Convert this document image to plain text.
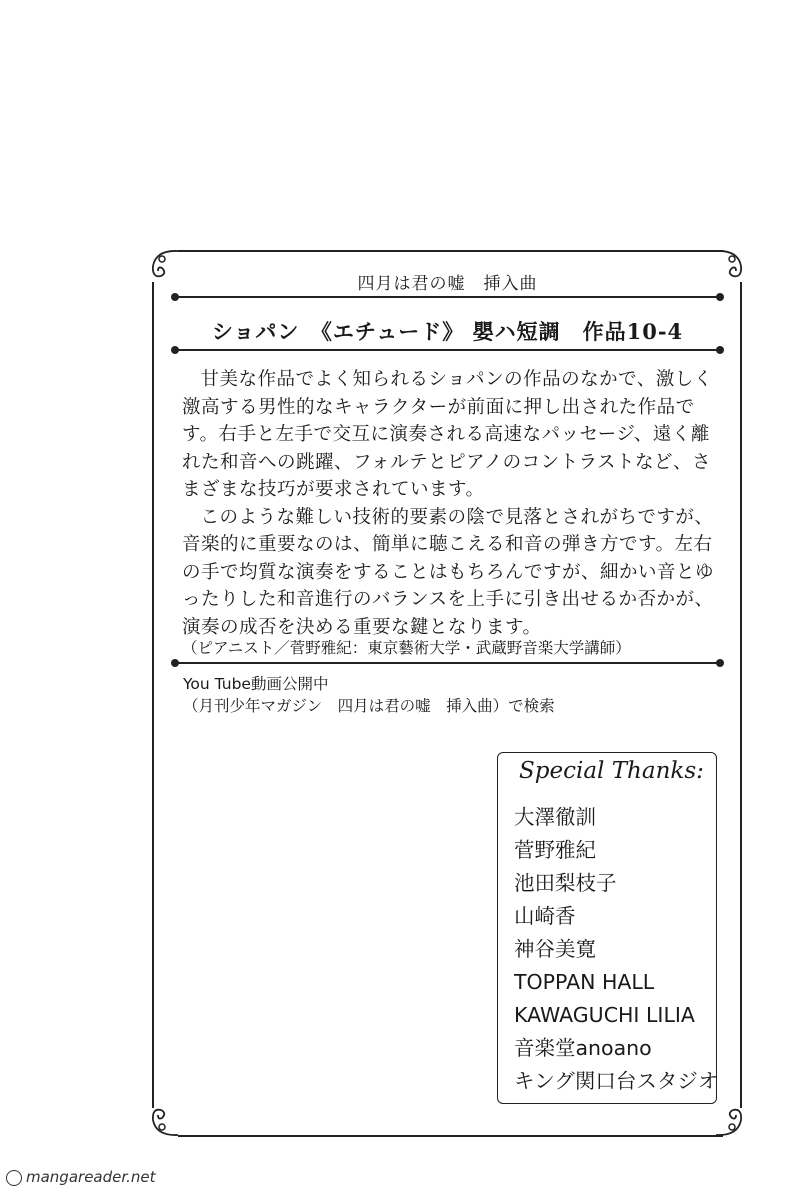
四月は君の嘘　挿入曲
ショパン　《エチュード》 嬰ハ短調　作品10-4

甘美な作品でよく知られるショパンの作品のなかで、激しく激高する男性的なキャラクターが前面に押し出された作品です。右手と左手で交互に演奏される高速なパッセージ、遠く離れた和音への跳躍、フォルテとピアノのコントラストなど、さまざまな技巧が要求されています。

このような難しい技術的要素の陰で見落とされがちですが、音楽的に重要なのは、簡単に聴こえる和音の弾き方です。左右の手で均質な演奏をすることはもちろんですが、細かい音とゆったりした和音進行のバランスを上手に引き出せるか否かが、演奏の成否を決める重要な鍵となります。

（ピアニスト／菅野雅紀：東京藝術大学・武蔵野音楽大学講師）
You Tube動画公開中
（月刊少年マガジン　四月は君の嘘　挿入曲）で検索
Special Thanks:
大澤徹訓
菅野雅紀
池田梨枝子
山崎香
神谷美寛
TOPPAN HALL
KAWAGUCHI LILIA
音楽堂anoano
キング関口台スタジオ
mangareader.net
